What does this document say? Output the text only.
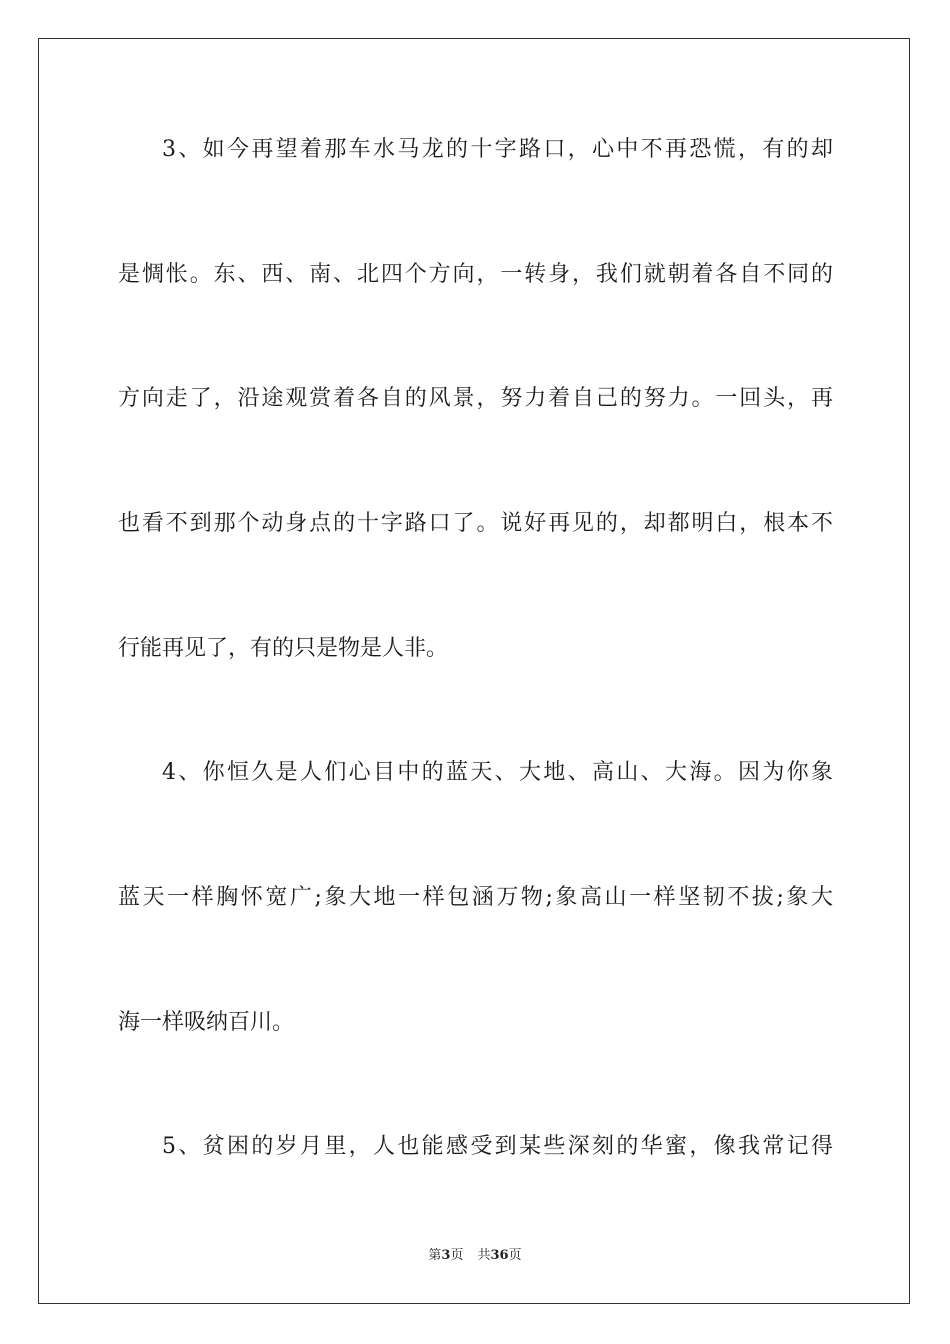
3、如今再望着那车水马龙的十字路口，心中不再恐慌，有的却
是惆怅。东、西、南、北四个方向，一转身，我们就朝着各自不同的
方向走了，沿途观赏着各自的风景，努力着自己的努力。一回头，再
也看不到那个动身点的十字路口了。说好再见的，却都明白，根本不
行能再见了，有的只是物是人非。
4、你恒久是人们心目中的蓝天、大地、高山、大海。因为你象
蓝天一样胸怀宽广;象大地一样包涵万物;象高山一样坚韧不拔;象大
海一样吸纳百川。
5、贫困的岁月里，人也能感受到某些深刻的华蜜，像我常记得
第3页 共36页
